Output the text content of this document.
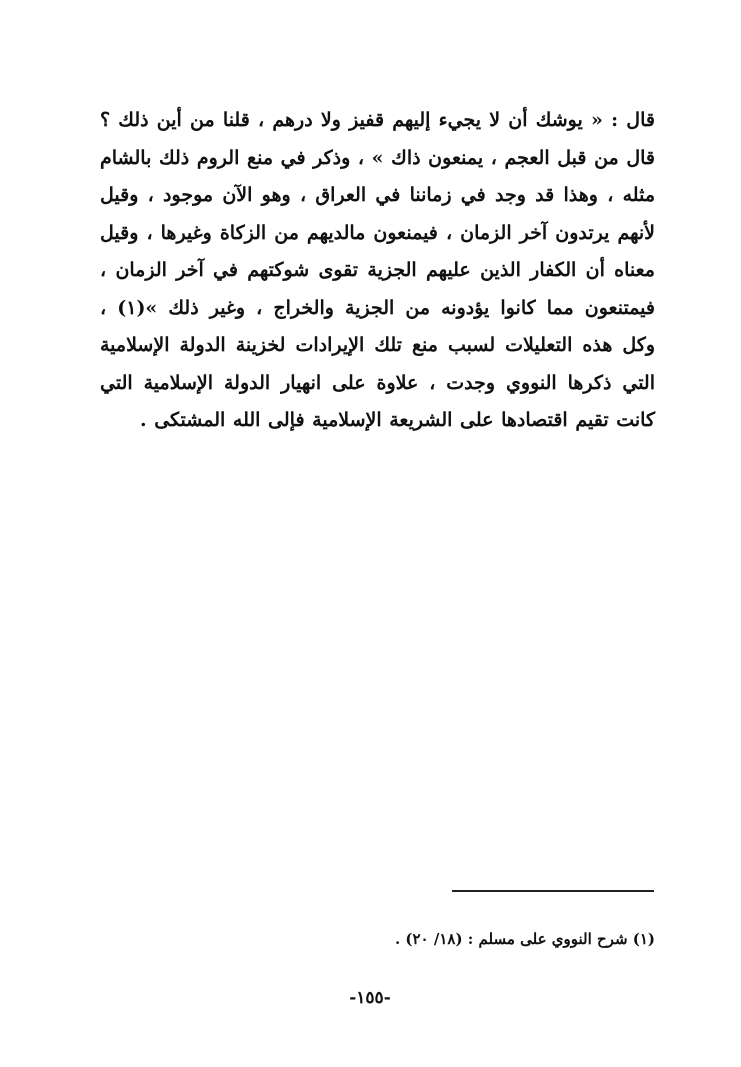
قال : « يوشك أن لا يجيء إليهم قفيز ولا درهم ، قلنا من أين ذلك ؟ قال من قبل العجم ، يمنعون ذاك » ، وذكر في منع الروم ذلك بالشام مثله ، وهذا قد وجد في زماننا في العراق ، وهو الآن موجود ، وقيل لأنهم يرتدون آخر الزمان ، فيمنعون مالديهم من الزكاة وغيرها ، وقيل معناه أن الكفار الذين عليهم الجزية تقوى شوكتهم في آخر الزمان ، فيمتنعون مما كانوا يؤدونه من الجزية والخراج ، وغير ذلك »(١) ، وكل هذه التعليلات لسبب منع تلك الإيرادات لخزينة الدولة الإسلامية التي ذكرها النووي وجدت ، علاوة على انهيار الدولة الإسلامية التي كانت تقيم اقتصادها على الشريعة الإسلامية فإلى الله المشتكى .

(١) شرح النووي على مسلم : (١٨/ ٢٠) .

-١٥٥-
